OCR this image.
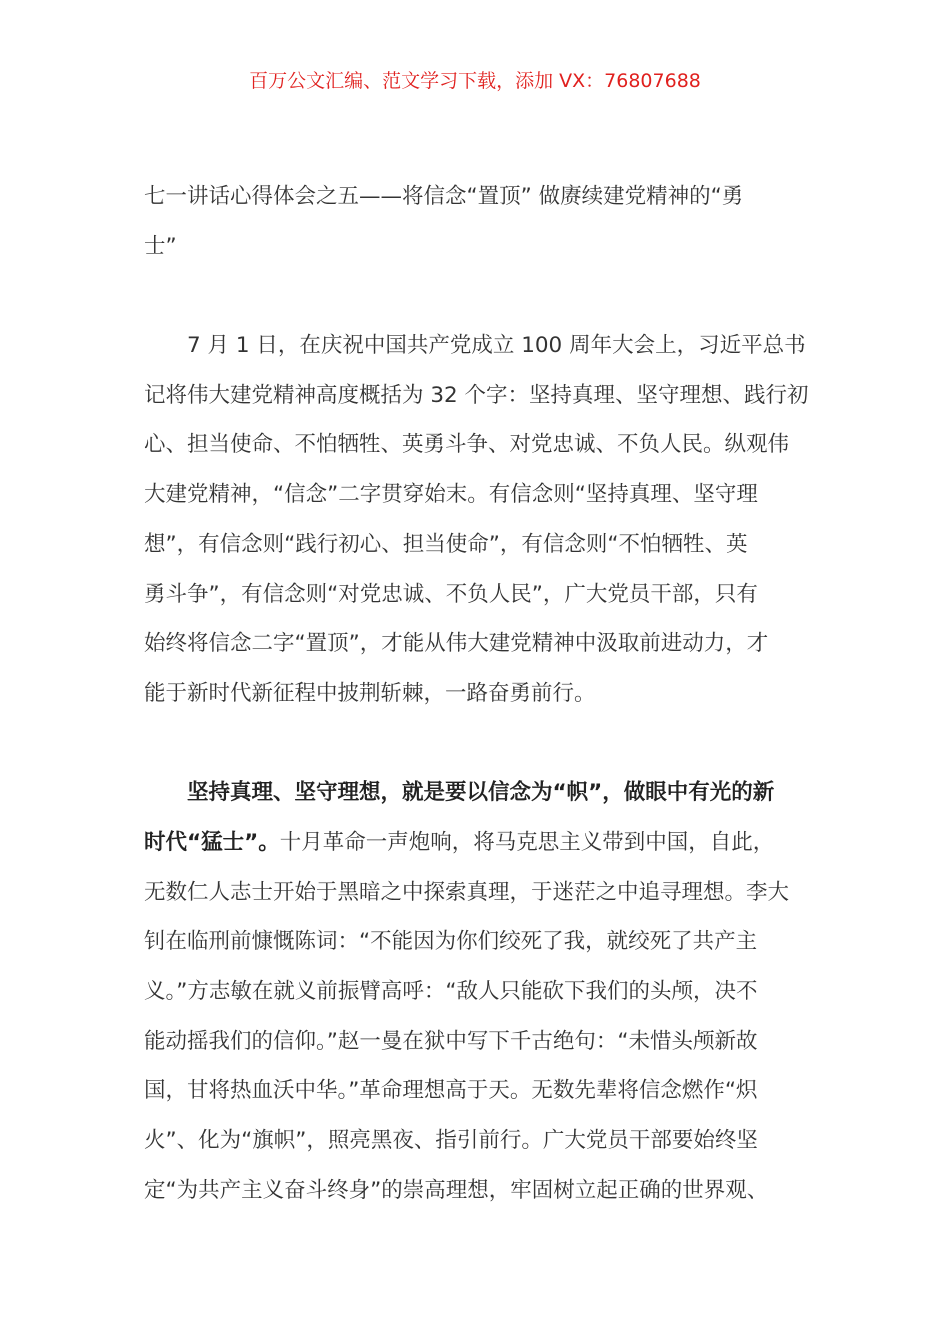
百万公文汇编、范文学习下载，添加 VX：76807688
七一讲话心得体会之五——将信念“置顶” 做赓续建党精神的“勇
士”
7 月 1 日，在庆祝中国共产党成立 100 周年大会上，习近平总书
记将伟大建党精神高度概括为 32 个字：坚持真理、坚守理想、践行初
心、担当使命、不怕牺牲、英勇斗争、对党忠诚、不负人民。纵观伟
大建党精神，“信念”二字贯穿始末。有信念则“坚持真理、坚守理
想”，有信念则“践行初心、担当使命”，有信念则“不怕牺牲、英
勇斗争”，有信念则“对党忠诚、不负人民”，广大党员干部，只有
始终将信念二字“置顶”，才能从伟大建党精神中汲取前进动力，才
能于新时代新征程中披荆斩棘，一路奋勇前行。
坚持真理、坚守理想，就是要以信念为“帜”，做眼中有光的新
时代“猛士”。十月革命一声炮响，将马克思主义带到中国，自此，
无数仁人志士开始于黑暗之中探索真理，于迷茫之中追寻理想。李大
钊在临刑前慷慨陈词：“不能因为你们绞死了我，就绞死了共产主
义。”方志敏在就义前振臂高呼：“敌人只能砍下我们的头颅，决不
能动摇我们的信仰。”赵一曼在狱中写下千古绝句：“未惜头颅新故
国，甘将热血沃中华。”革命理想高于天。无数先辈将信念燃作“炽
火”、化为“旗帜”，照亮黑夜、指引前行。广大党员干部要始终坚
定“为共产主义奋斗终身”的崇高理想，牢固树立起正确的世界观、
